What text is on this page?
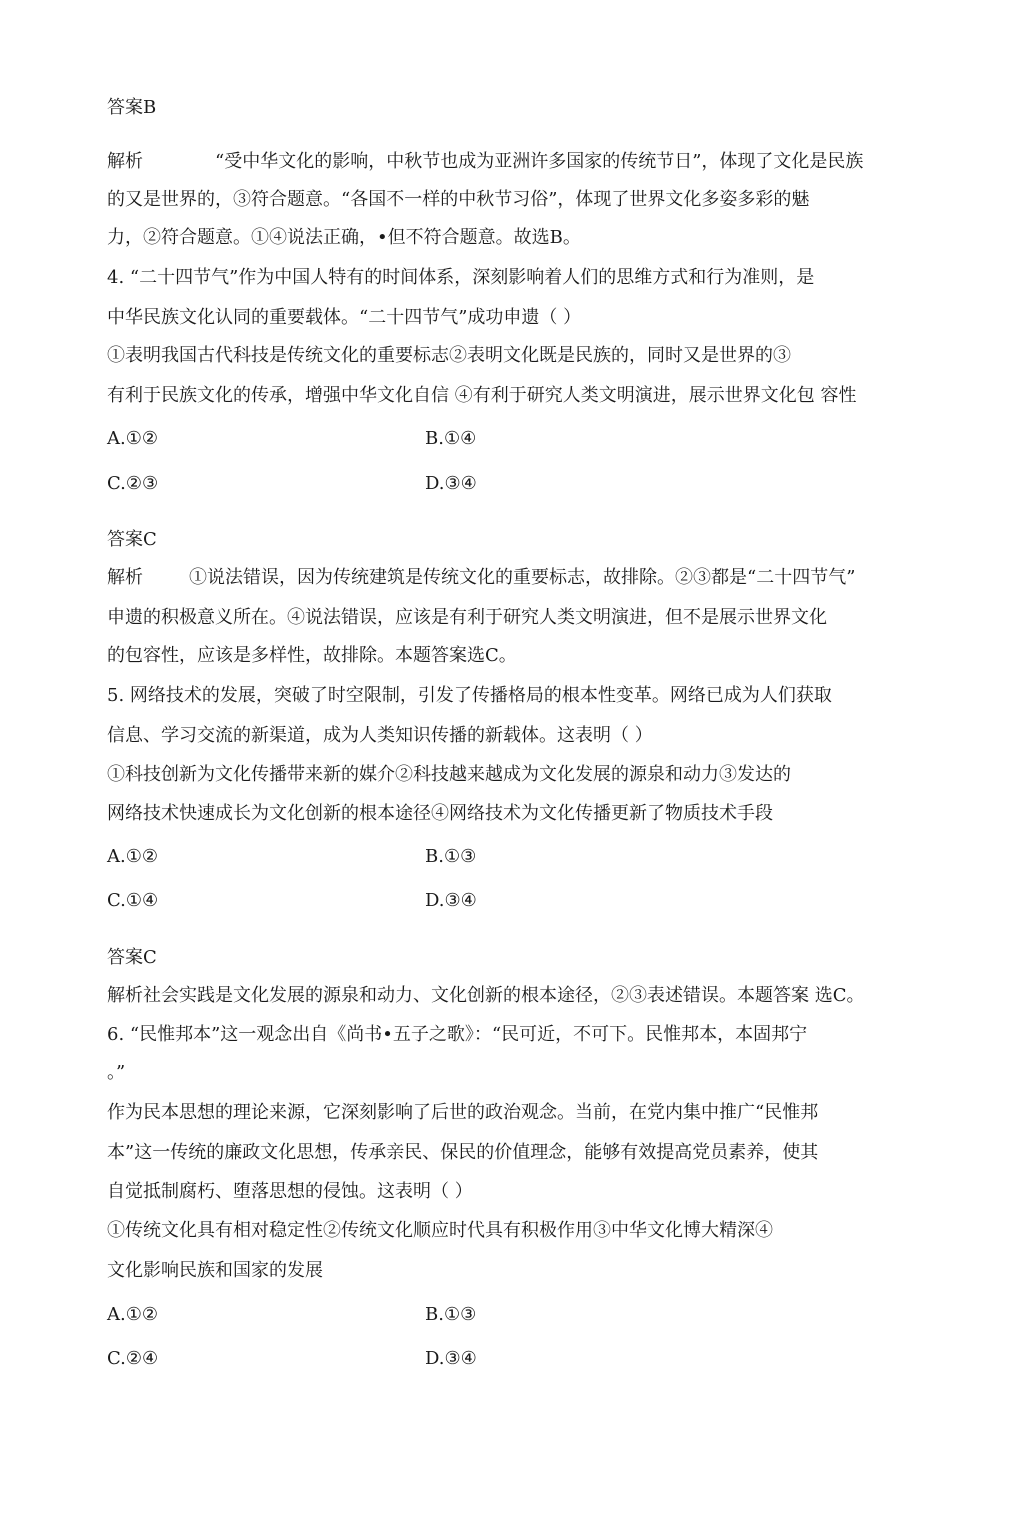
答案B
解析	“受中华文化的影响，中秋节也成为亚洲许多国家的传统节日”，体现了文化是民族
的又是世界的，③符合题意。“各国不一样的中秋节习俗”，体现了世界文化多姿多彩的魅
力，②符合题意。①④说法正确，•但不符合题意。故选B。
4. “二十四节气”作为中国人特有的时间体系，深刻影响着人们的思维方式和行为准则，是
中华民族文化认同的重要载体。“二十四节气”成功申遗（ ）
①表明我国古代科技是传统文化的重要标志②表明文化既是民族的，同时又是世界的③
有利于民族文化的传承，增强中华文化自信 ④有利于研究人类文明演进，展示世界文化包 容性
A.①②	B.①④
C.②③	D.③④
答案C
解析	①说法错误，因为传统建筑是传统文化的重要标志，故排除。②③都是“二十四节气”
申遗的积极意义所在。④说法错误，应该是有利于研究人类文明演进，但不是展示世界文化
的包容性，应该是多样性，故排除。本题答案选C。
5. 网络技术的发展，突破了时空限制，引发了传播格局的根本性变革。网络已成为人们获取
信息、学习交流的新渠道，成为人类知识传播的新载体。这表明（ ）
①科技创新为文化传播带来新的媒介②科技越来越成为文化发展的源泉和动力③发达的
网络技术快速成长为文化创新的根本途径④网络技术为文化传播更新了物质技术手段
A.①②	B.①③
C.①④	D.③④
答案C
解析社会实践是文化发展的源泉和动力、文化创新的根本途径，②③表述错误。本题答案 选C。
6. “民惟邦本”这一观念出自《尚书•五子之歌》：“民可近，不可下。民惟邦本，本固邦宁
。”
作为民本思想的理论来源，它深刻影响了后世的政治观念。当前，在党内集中推广“民惟邦
本”这一传统的廉政文化思想，传承亲民、保民的价值理念，能够有效提高党员素养，使其
自觉抵制腐朽、堕落思想的侵蚀。这表明（ ）
①传统文化具有相对稳定性②传统文化顺应时代具有积极作用③中华文化博大精深④
文化影响民族和国家的发展
A.①②	B.①③
C.②④	D.③④
